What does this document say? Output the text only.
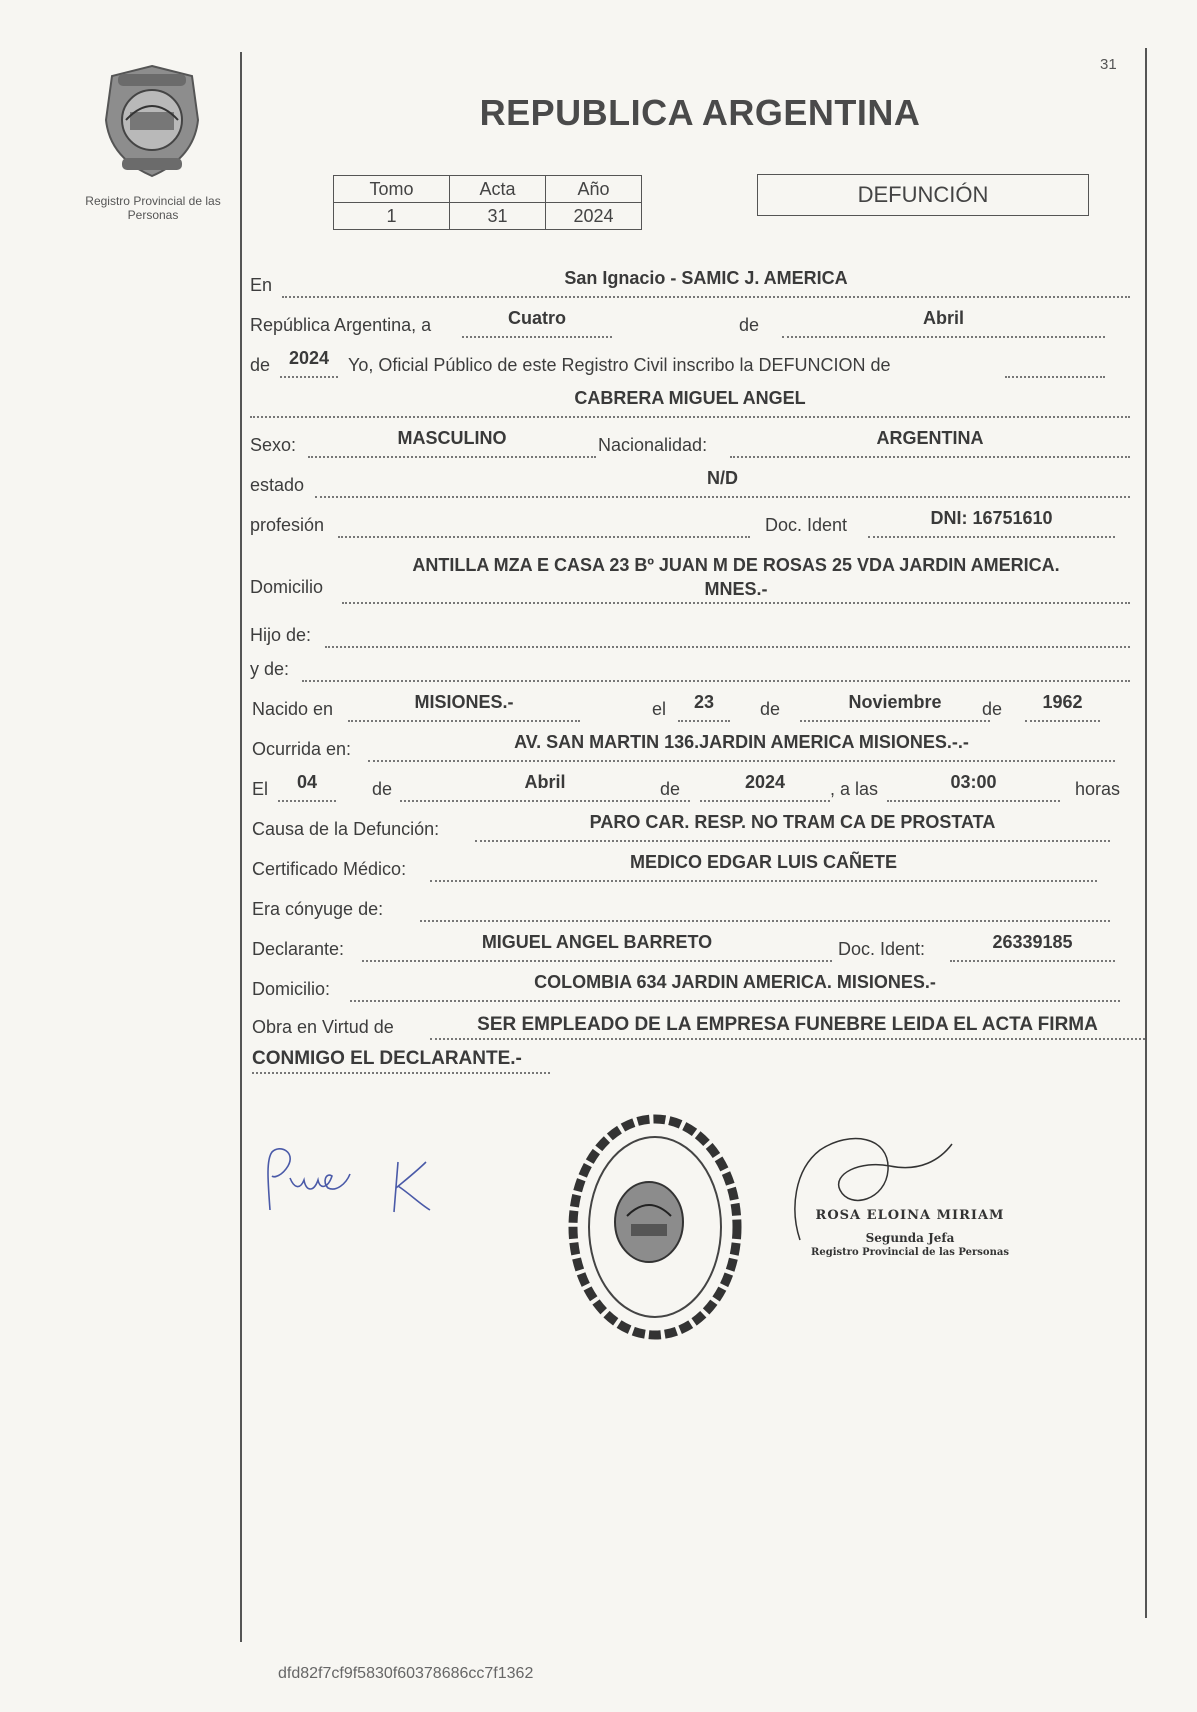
Registro Provincial de las Personas
31
REPUBLICA ARGENTINA
Tomo	Acta	Año
1	31	2024
DEFUNCIÓN
En	San Ignacio - SAMIC J. AMERICA
República Argentina, a	Cuatro	de	Abril
de	2024	Yo, Oficial Público de este Registro Civil inscribo la DEFUNCION de
CABRERA MIGUEL ANGEL
Sexo:	MASCULINO	Nacionalidad:	ARGENTINA
estado	N/D
profesión	Doc. Ident	DNI: 16751610
Domicilio
ANTILLA MZA E CASA 23 Bº JUAN M DE ROSAS 25 VDA JARDIN AMERICA.
MNES.-
Hijo de:
y de:
Nacido en	MISIONES.-	el	23	de	Noviembre	de	1962
Ocurrida en:	AV. SAN MARTIN 136.JARDIN AMERICA MISIONES.-.-
El	04	de	Abril	de	2024	, a las	03:00	horas
Causa de la Defunción:	PARO CAR. RESP. NO TRAM CA DE PROSTATA
Certificado Médico:	MEDICO EDGAR LUIS CAÑETE
Era cónyuge de:
Declarante:	MIGUEL ANGEL BARRETO	Doc. Ident:	26339185
Domicilio:	COLOMBIA 634 JARDIN AMERICA. MISIONES.-
Obra en Virtud de	SER EMPLEADO DE LA EMPRESA FUNEBRE LEIDA EL ACTA FIRMA
CONMIGO EL DECLARANTE.-
ROSA ELOINA MIRIAM
Segunda Jefa
Registro Provincial de las Personas
dfd82f7cf9f5830f60378686cc7f1362
